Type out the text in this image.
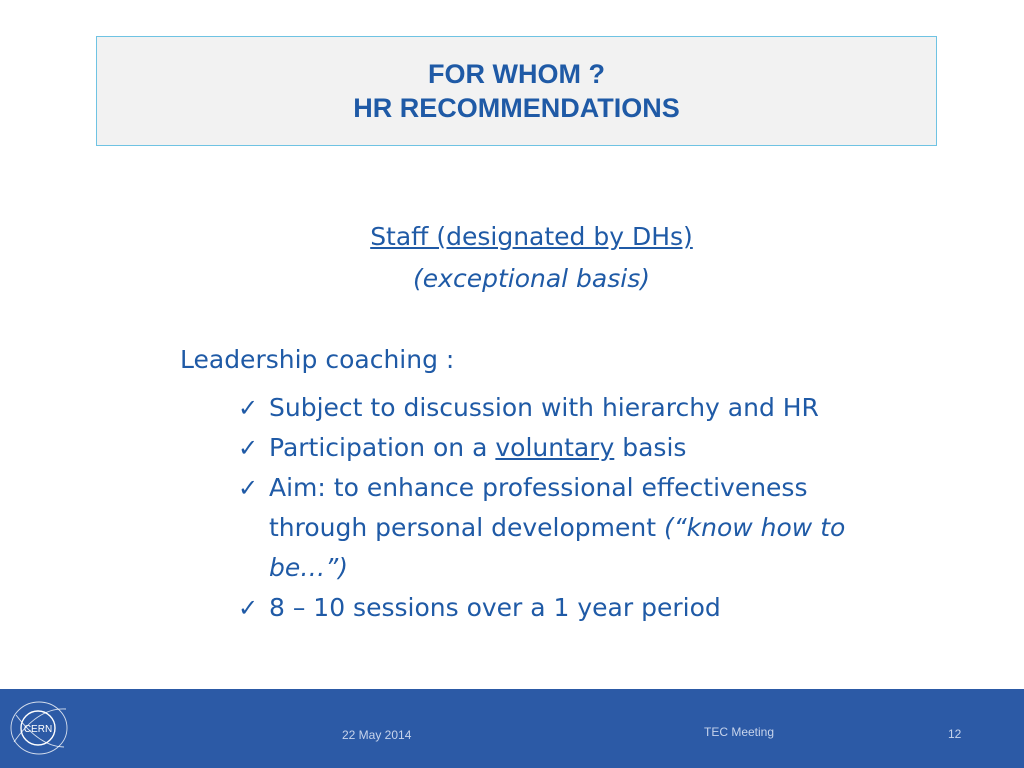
FOR WHOM ?
HR RECOMMENDATIONS
Staff (designated by DHs)
(exceptional basis)
Leadership coaching :
✓ Subject to discussion with hierarchy and HR
✓ Participation on a voluntary basis
✓ Aim: to enhance professional effectiveness through personal development (“know how to be…”)
✓ 8 – 10 sessions over a 1 year period
CERN	22 May 2014	TEC Meeting	12
